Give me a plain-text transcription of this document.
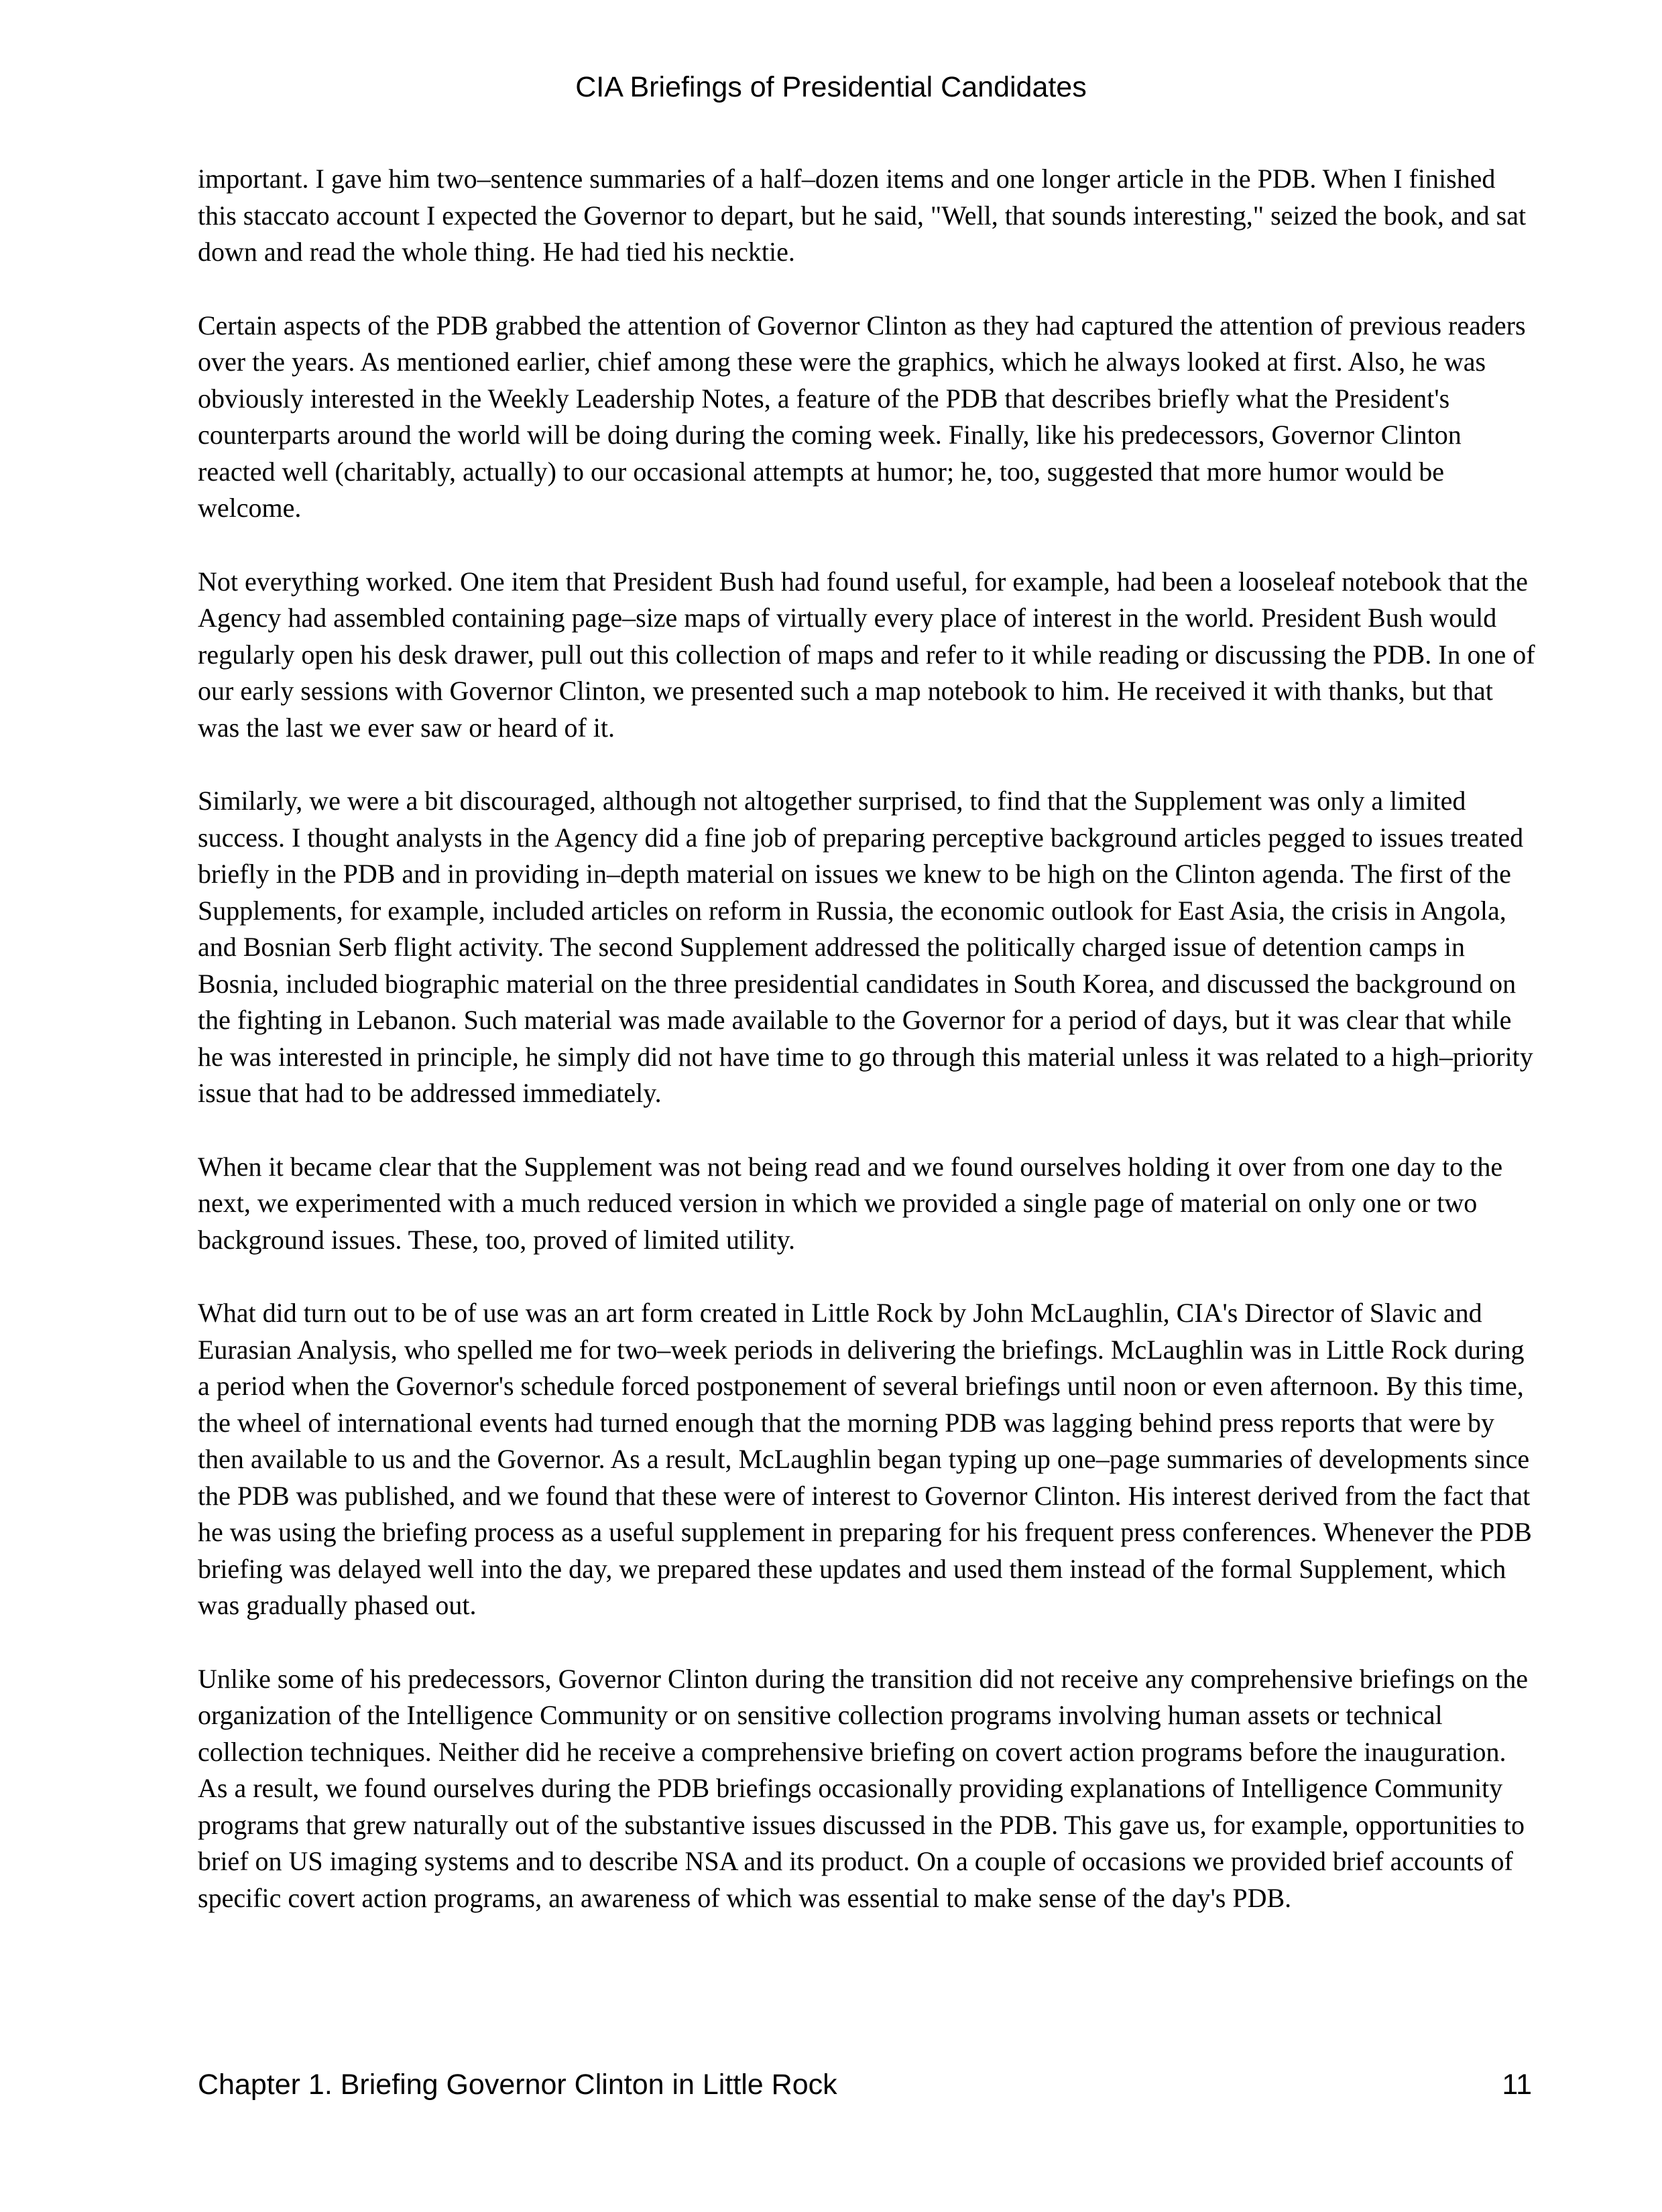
CIA Briefings of Presidential Candidates

important. I gave him two–sentence summaries of a half–dozen items and one longer article in the PDB. When I finished this staccato account I expected the Governor to depart, but he said, "Well, that sounds interesting," seized the book, and sat down and read the whole thing. He had tied his necktie.

Certain aspects of the PDB grabbed the attention of Governor Clinton as they had captured the attention of previous readers over the years. As mentioned earlier, chief among these were the graphics, which he always looked at first. Also, he was obviously interested in the Weekly Leadership Notes, a feature of the PDB that describes briefly what the President's counterparts around the world will be doing during the coming week. Finally, like his predecessors, Governor Clinton reacted well (charitably, actually) to our occasional attempts at humor; he, too, suggested that more humor would be welcome.

Not everything worked. One item that President Bush had found useful, for example, had been a looseleaf notebook that the Agency had assembled containing page–size maps of virtually every place of interest in the world. President Bush would regularly open his desk drawer, pull out this collection of maps and refer to it while reading or discussing the PDB. In one of our early sessions with Governor Clinton, we presented such a map notebook to him. He received it with thanks, but that was the last we ever saw or heard of it.

Similarly, we were a bit discouraged, although not altogether surprised, to find that the Supplement was only a limited success. I thought analysts in the Agency did a fine job of preparing perceptive background articles pegged to issues treated briefly in the PDB and in providing in–depth material on issues we knew to be high on the Clinton agenda. The first of the Supplements, for example, included articles on reform in Russia, the economic outlook for East Asia, the crisis in Angola, and Bosnian Serb flight activity. The second Supplement addressed the politically charged issue of detention camps in Bosnia, included biographic material on the three presidential candidates in South Korea, and discussed the background on the fighting in Lebanon. Such material was made available to the Governor for a period of days, but it was clear that while he was interested in principle, he simply did not have time to go through this material unless it was related to a high–priority issue that had to be addressed immediately.

When it became clear that the Supplement was not being read and we found ourselves holding it over from one day to the next, we experimented with a much reduced version in which we provided a single page of material on only one or two background issues. These, too, proved of limited utility.

What did turn out to be of use was an art form created in Little Rock by John McLaughlin, CIA's Director of Slavic and Eurasian Analysis, who spelled me for two–week periods in delivering the briefings. McLaughlin was in Little Rock during a period when the Governor's schedule forced postponement of several briefings until noon or even afternoon. By this time, the wheel of international events had turned enough that the morning PDB was lagging behind press reports that were by then available to us and the Governor. As a result, McLaughlin began typing up one–page summaries of developments since the PDB was published, and we found that these were of interest to Governor Clinton. His interest derived from the fact that he was using the briefing process as a useful supplement in preparing for his frequent press conferences. Whenever the PDB briefing was delayed well into the day, we prepared these updates and used them instead of the formal Supplement, which was gradually phased out.

Unlike some of his predecessors, Governor Clinton during the transition did not receive any comprehensive briefings on the organization of the Intelligence Community or on sensitive collection programs involving human assets or technical collection techniques. Neither did he receive a comprehensive briefing on covert action programs before the inauguration. As a result, we found ourselves during the PDB briefings occasionally providing explanations of Intelligence Community programs that grew naturally out of the substantive issues discussed in the PDB. This gave us, for example, opportunities to brief on US imaging systems and to describe NSA and its product. On a couple of occasions we provided brief accounts of specific covert action programs, an awareness of which was essential to make sense of the day's PDB.

Chapter 1. Briefing Governor Clinton in Little Rock	11
